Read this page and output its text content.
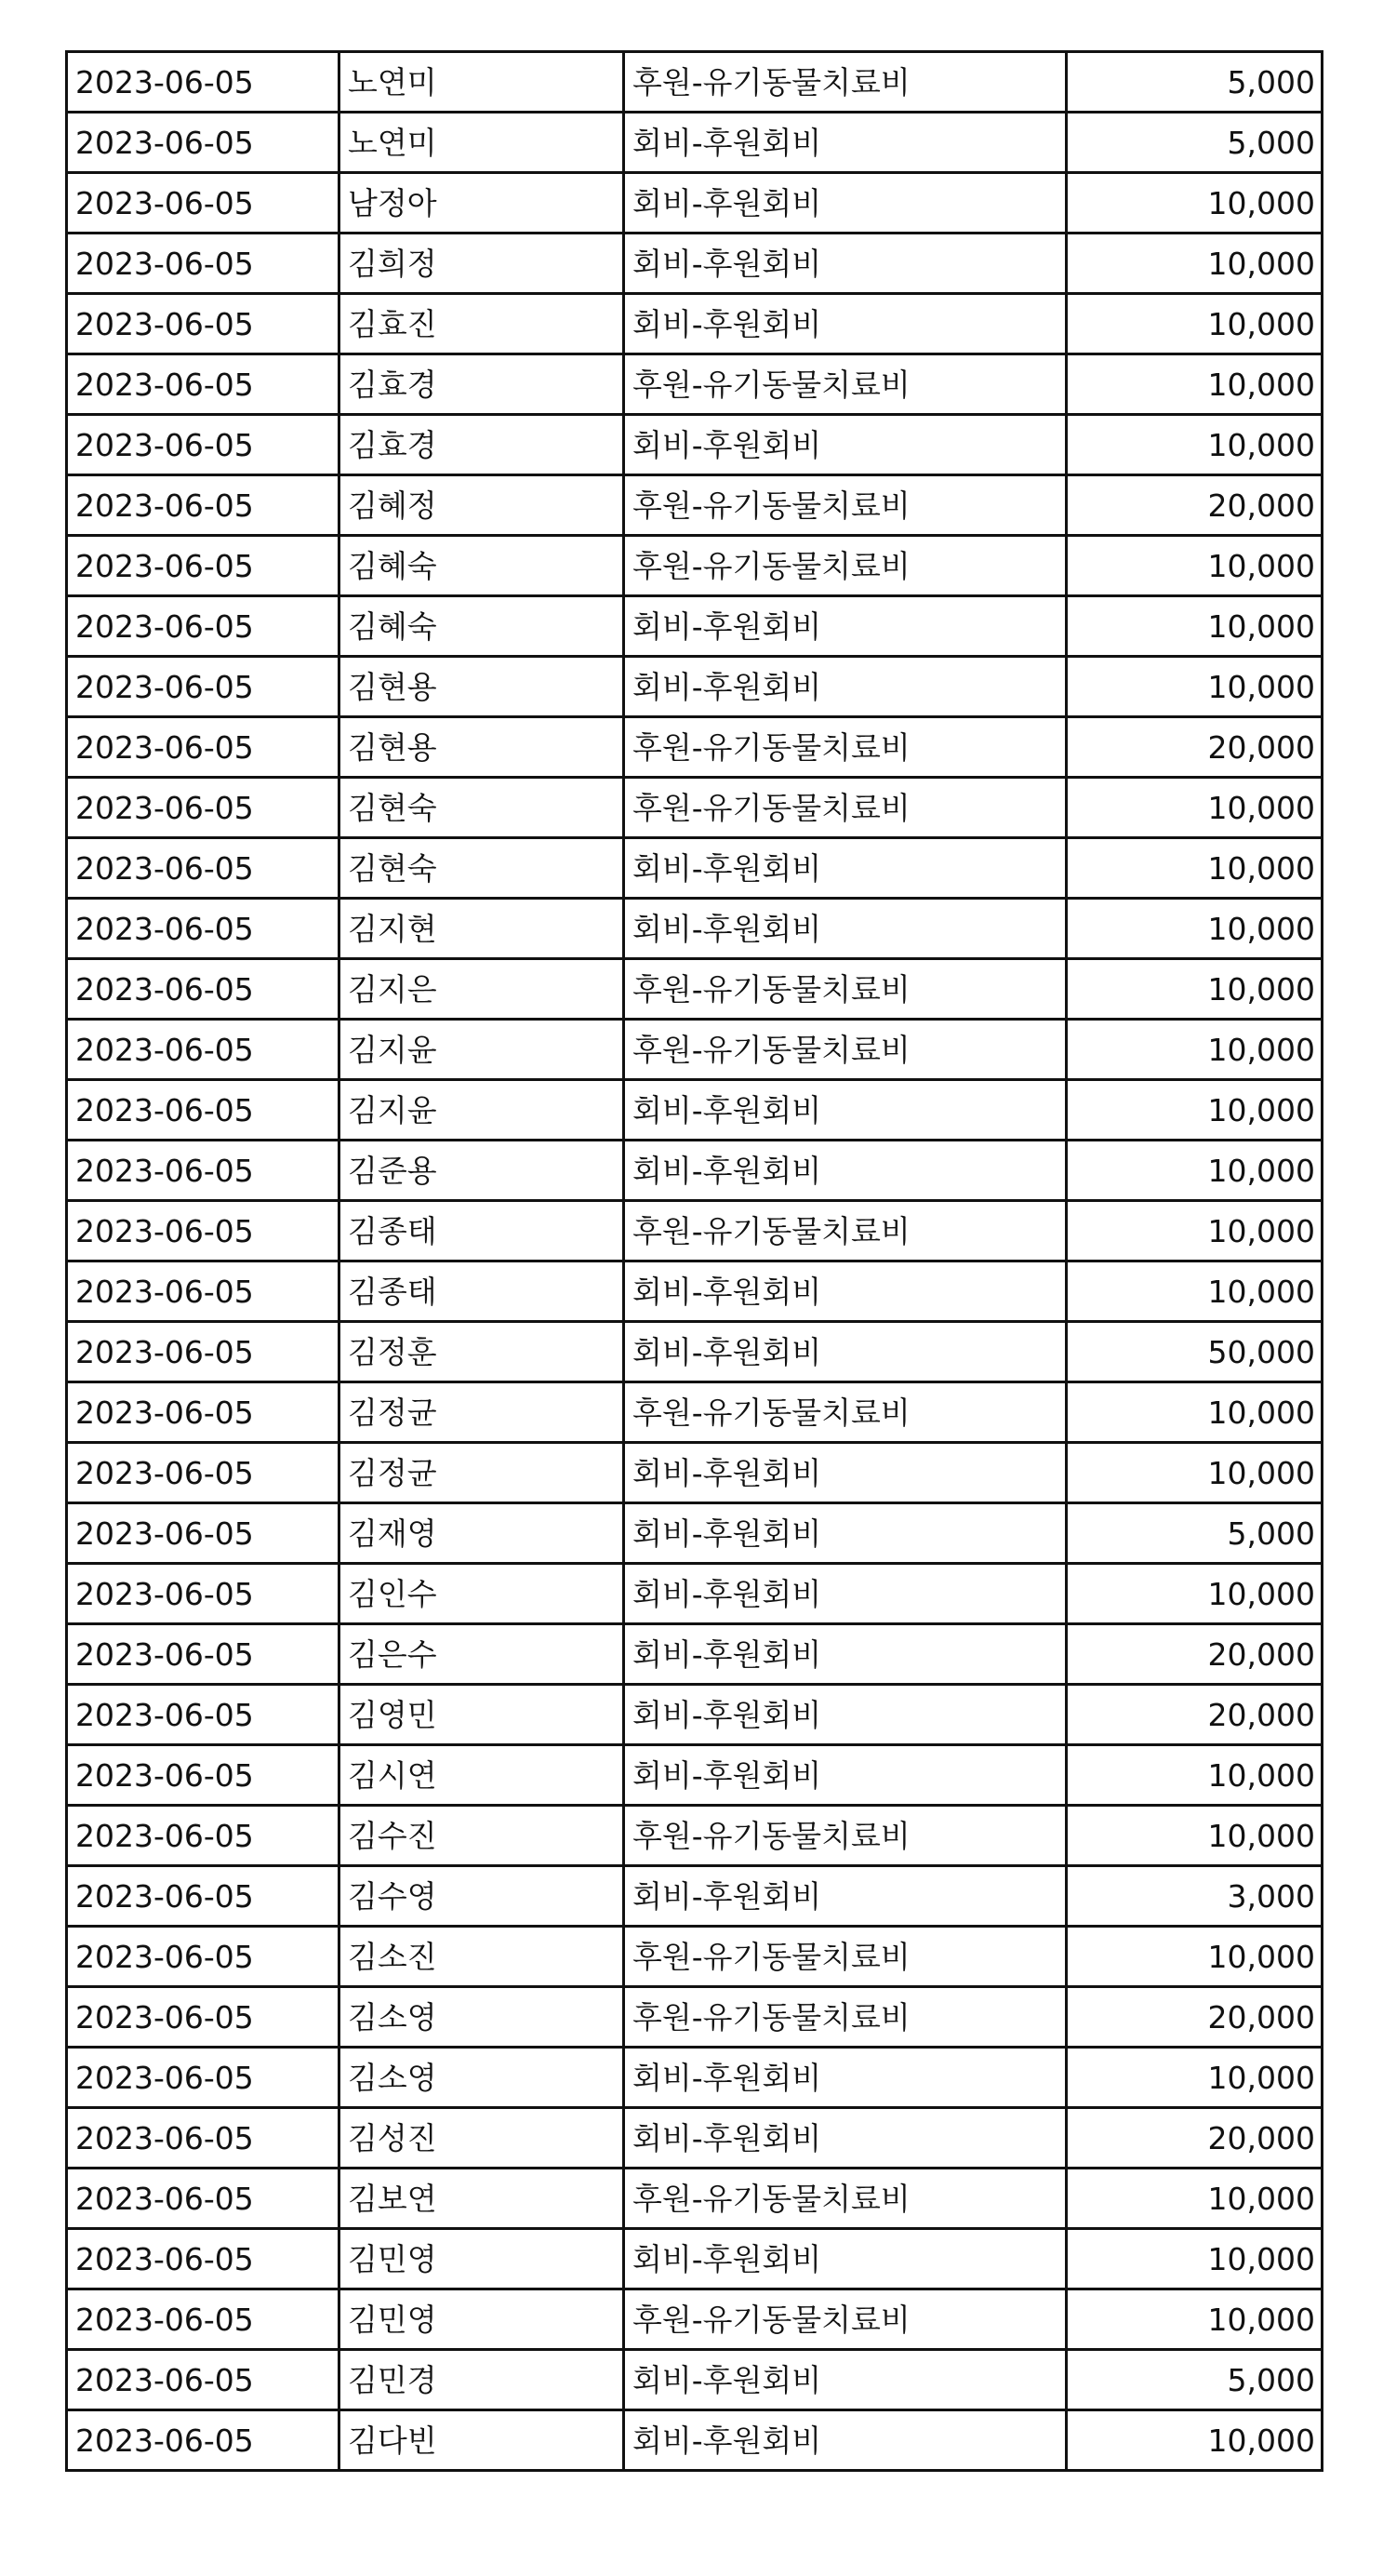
2023-06-05	노연미	후원-유기동물치료비	5,000
2023-06-05	노연미	회비-후원회비	5,000
2023-06-05	남정아	회비-후원회비	10,000
2023-06-05	김희정	회비-후원회비	10,000
2023-06-05	김효진	회비-후원회비	10,000
2023-06-05	김효경	후원-유기동물치료비	10,000
2023-06-05	김효경	회비-후원회비	10,000
2023-06-05	김혜정	후원-유기동물치료비	20,000
2023-06-05	김혜숙	후원-유기동물치료비	10,000
2023-06-05	김혜숙	회비-후원회비	10,000
2023-06-05	김현용	회비-후원회비	10,000
2023-06-05	김현용	후원-유기동물치료비	20,000
2023-06-05	김현숙	후원-유기동물치료비	10,000
2023-06-05	김현숙	회비-후원회비	10,000
2023-06-05	김지현	회비-후원회비	10,000
2023-06-05	김지은	후원-유기동물치료비	10,000
2023-06-05	김지윤	후원-유기동물치료비	10,000
2023-06-05	김지윤	회비-후원회비	10,000
2023-06-05	김준용	회비-후원회비	10,000
2023-06-05	김종태	후원-유기동물치료비	10,000
2023-06-05	김종태	회비-후원회비	10,000
2023-06-05	김정훈	회비-후원회비	50,000
2023-06-05	김정균	후원-유기동물치료비	10,000
2023-06-05	김정균	회비-후원회비	10,000
2023-06-05	김재영	회비-후원회비	5,000
2023-06-05	김인수	회비-후원회비	10,000
2023-06-05	김은수	회비-후원회비	20,000
2023-06-05	김영민	회비-후원회비	20,000
2023-06-05	김시연	회비-후원회비	10,000
2023-06-05	김수진	후원-유기동물치료비	10,000
2023-06-05	김수영	회비-후원회비	3,000
2023-06-05	김소진	후원-유기동물치료비	10,000
2023-06-05	김소영	후원-유기동물치료비	20,000
2023-06-05	김소영	회비-후원회비	10,000
2023-06-05	김성진	회비-후원회비	20,000
2023-06-05	김보연	후원-유기동물치료비	10,000
2023-06-05	김민영	회비-후원회비	10,000
2023-06-05	김민영	후원-유기동물치료비	10,000
2023-06-05	김민경	회비-후원회비	5,000
2023-06-05	김다빈	회비-후원회비	10,000
